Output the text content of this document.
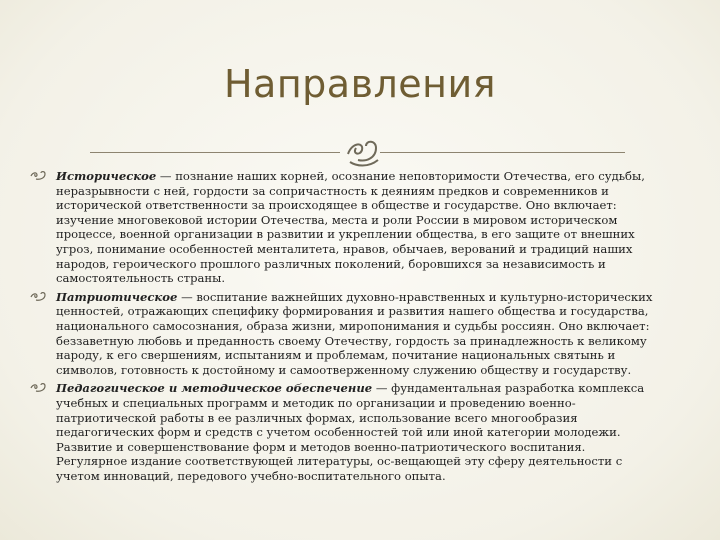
Направления
Историческое — познание наших корней, осознание неповторимости Отечества, его судьбы, неразрывности с ней, гордости за сопричастность к деяниям предков и современников и исторической ответственности за происходящее в обществе и государстве. Оно включает: изучение многовековой истории Отечества, места и роли России в мировом историческом процессе, военной организации в развитии и укреплении общества, в его защите от внешних угроз, понимание особенностей менталитета, нравов, обычаев, верований и традиций наших народов, героического прошлого различных поколений, боровшихся за независимость и самостоятельность страны.
Патриотическое — воспитание важнейших духовно-нравственных и культурно-исторических ценностей, отражающих специфику формирования и развития нашего общества и государства, национального самосознания, образа жизни, миропонимания и судьбы россиян. Оно включает: беззаветную любовь и преданность своему Отечеству, гордость за принадлежность к великому народу, к его свершениям, испытаниям и проблемам, почитание национальных святынь и символов, готовность к достойному и самоотверженному служению обществу и государству.
Педагогическое и методическое обеспечение — фундаментальная разработка комплекса учебных и специальных программ и методик по организации и проведению военно-патриотической работы в ее различных формах, использование всего многообразия педагогических форм и средств с учетом особенностей той или иной категории молодежи. Развитие и совершенствование форм и методов военно-патриотического воспитания. Регулярное издание соответствующей литературы, ос-вещающей эту сферу деятельности с учетом инноваций, передового учебно-воспитательного опыта.
